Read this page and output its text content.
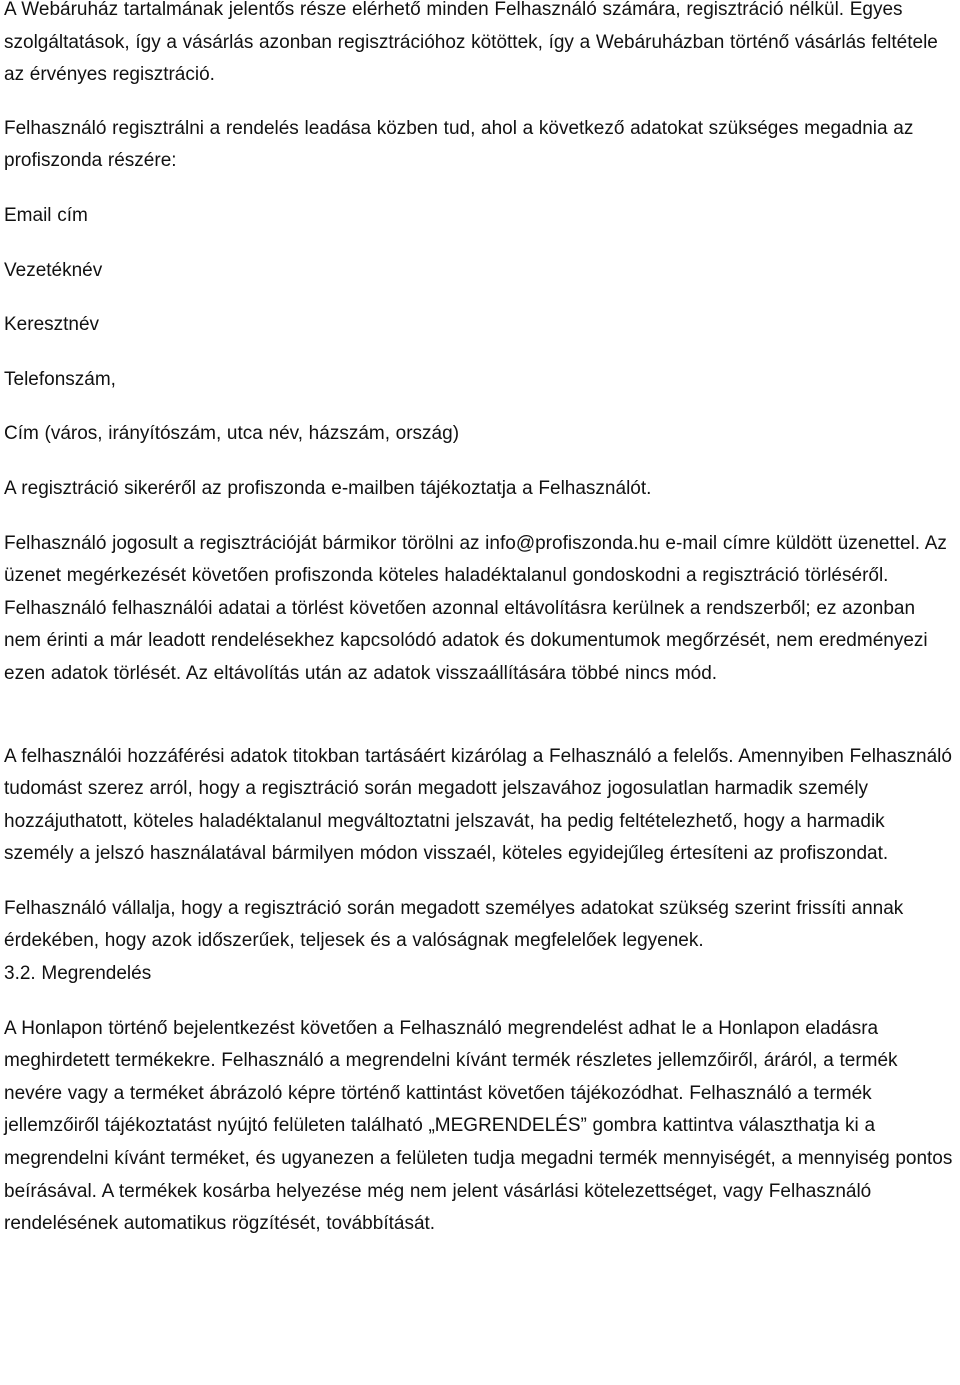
A Webáruház tartalmának jelentős része elérhető minden Felhasználó számára, regisztráció nélkül. Egyes szolgáltatások, így a vásárlás azonban regisztrációhoz kötöttek, így a Webáruházban történő vásárlás feltétele az érvényes regisztráció.

Felhasználó regisztrálni a rendelés leadása közben tud, ahol a következő adatokat szükséges megadnia az profiszonda részére:

Email cím

Vezetéknév

Keresztnév

Telefonszám,

Cím (város, irányítószám, utca név, házszám, ország)

A regisztráció sikeréről az profiszonda e-mailben tájékoztatja a Felhasználót.

Felhasználó jogosult a regisztrációját bármikor törölni az info@profiszonda.hu e-mail címre küldött üzenettel. Az üzenet megérkezését követően profiszonda köteles haladéktalanul gondoskodni a regisztráció törléséről. Felhasználó felhasználói adatai a törlést követően azonnal eltávolításra kerülnek a rendszerből; ez azonban nem érinti a már leadott rendelésekhez kapcsolódó adatok és dokumentumok megőrzését, nem eredményezi ezen adatok törlését. Az eltávolítás után az adatok visszaállítására többé nincs mód.

A felhasználói hozzáférési adatok titokban tartásáért kizárólag a Felhasználó a felelős. Amennyiben Felhasználó tudomást szerez arról, hogy a regisztráció során megadott jelszavához jogosulatlan harmadik személy hozzájuthatott, köteles haladéktalanul megváltoztatni jelszavát, ha pedig feltételezhető, hogy a harmadik személy a jelszó használatával bármilyen módon visszaél, köteles egyidejűleg értesíteni az profiszondat.

Felhasználó vállalja, hogy a regisztráció során megadott személyes adatokat szükség szerint frissíti annak érdekében, hogy azok időszerűek, teljesek és a valóságnak megfelelőek legyenek.

3.2. Megrendelés

A Honlapon történő bejelentkezést követően a Felhasználó megrendelést adhat le a Honlapon eladásra meghirdetett termékekre. Felhasználó a megrendelni kívánt termék részletes jellemzőiről, áráról, a termék nevére vagy a terméket ábrázoló képre történő kattintást követően tájékozódhat. Felhasználó a termék jellemzőiről tájékoztatást nyújtó felületen található „MEGRENDELÉS” gombra kattintva választhatja ki a megrendelni kívánt terméket, és ugyanezen a felületen tudja megadni termék mennyiségét, a mennyiség pontos beírásával. A termékek kosárba helyezése még nem jelent vásárlási kötelezettséget, vagy Felhasználó rendelésének automatikus rögzítését, továbbítását.
